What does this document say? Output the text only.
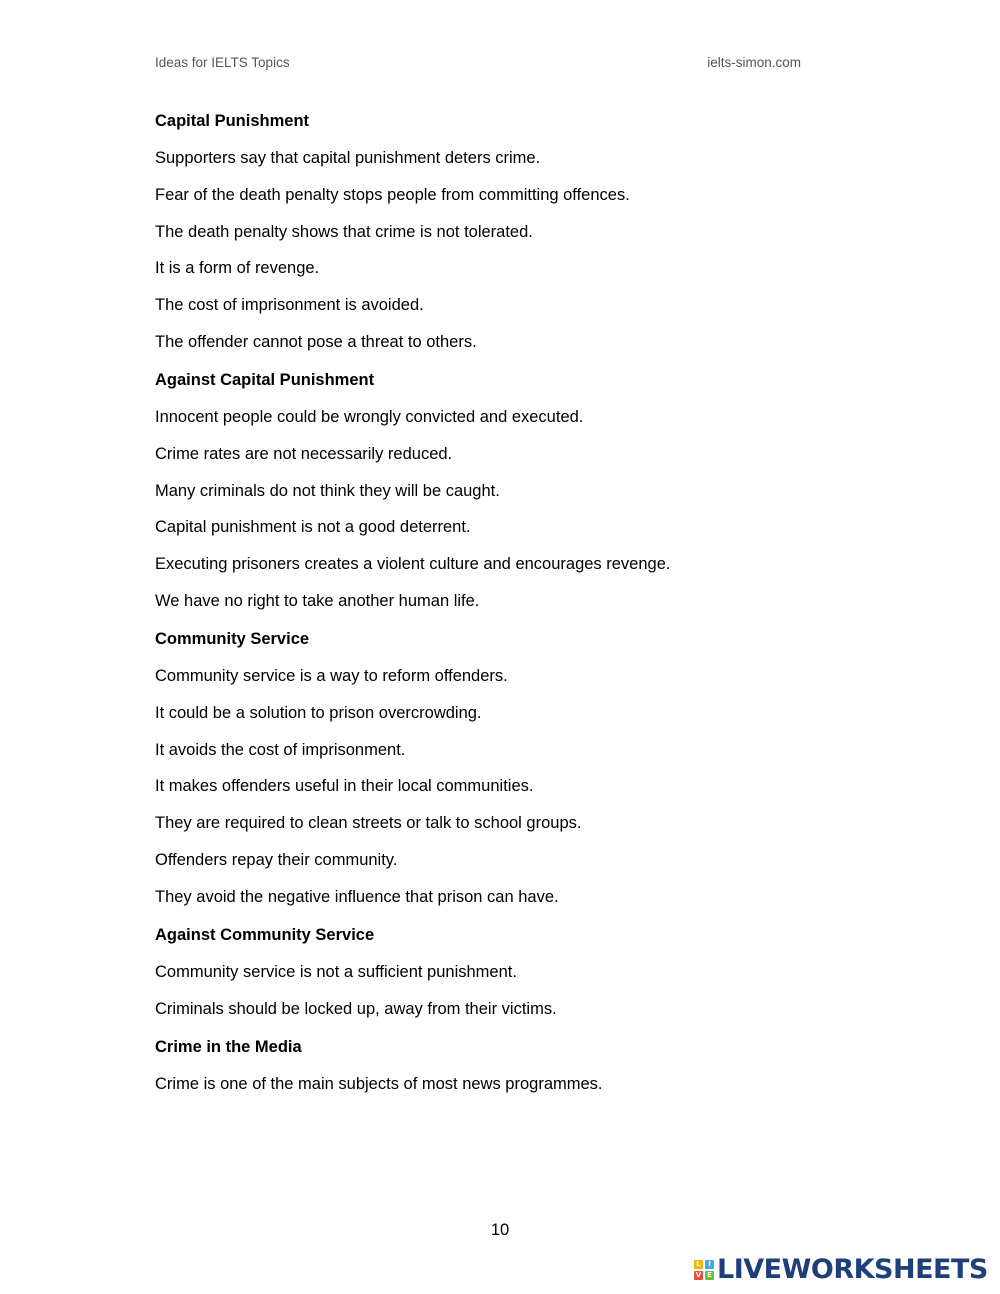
Ideas for IELTS Topics	ielts-simon.com
Capital Punishment
Supporters say that capital punishment deters crime.
Fear of the death penalty stops people from committing offences.
The death penalty shows that crime is not tolerated.
It is a form of revenge.
The cost of imprisonment is avoided.
The offender cannot pose a threat to others.
Against Capital Punishment
Innocent people could be wrongly convicted and executed.
Crime rates are not necessarily reduced.
Many criminals do not think they will be caught.
Capital punishment is not a good deterrent.
Executing prisoners creates a violent culture and encourages revenge.
We have no right to take another human life.
Community Service
Community service is a way to reform offenders.
It could be a solution to prison overcrowding.
It avoids the cost of imprisonment.
It makes offenders useful in their local communities.
They are required to clean streets or talk to school groups.
Offenders repay their community.
They avoid the negative influence that prison can have.
Against Community Service
Community service is not a sufficient punishment.
Criminals should be locked up, away from their victims.
Crime in the Media
Crime is one of the main subjects of most news programmes.
10
L	I
V E LIVEWORKSHEETS
